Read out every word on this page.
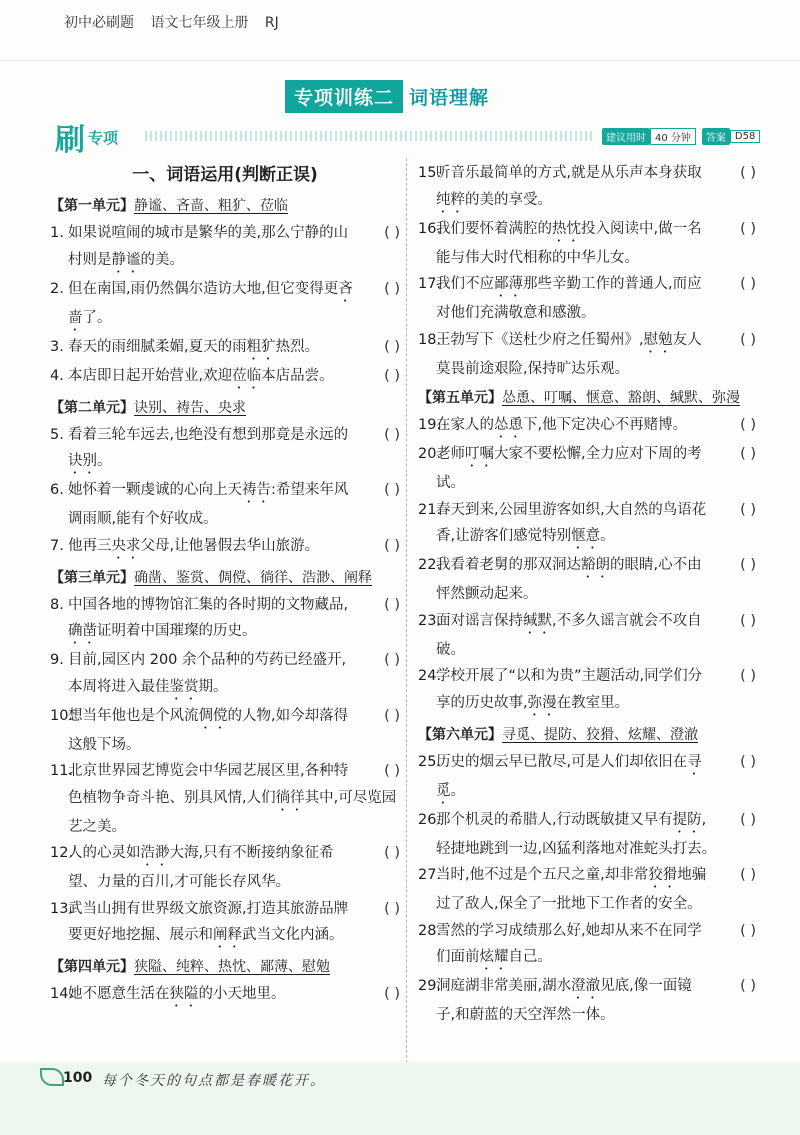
初中必刷题 语文七年级上册 RJ
专项训练二 词语理解
刷 专项	建议用时 40 分钟	答案 D58
一、词语运用(判断正误)
【第一单元】静谧、吝啬、粗犷、莅临
1.	( )
如果说喧闹的城市是繁华的美,那么宁静的山村则是静谧的美。
2.	( )
但在南国,雨仍然偶尔造访大地,但它变得更吝啬了。
3.	( )
春天的雨细腻柔媚,夏天的雨粗犷热烈。
4.	( )
本店即日起开始营业,欢迎莅临本店品尝。
【第二单元】诀别、祷告、央求
5.	( )
看着三轮车远去,也绝没有想到那竟是永远的诀别。
6.	( )
她怀着一颗虔诚的心向上天祷告:希望来年风调雨顺,能有个好收成。
7.	( )
他再三央求父母,让他暑假去华山旅游。
【第三单元】确凿、鉴赏、倜傥、徜徉、浩渺、阐释
8.	( )
中国各地的博物馆汇集的各时期的文物藏品,确凿证明着中国璀璨的历史。
9.	( )
目前,园区内 200 余个品种的芍药已经盛开,本周将进入最佳鉴赏期。
10.	( )
想当年他也是个风流倜傥的人物,如今却落得这般下场。
11.	( )
北京世界园艺博览会中华园艺展区里,各种特色植物争奇斗艳、别具风情,人们徜徉其中,可尽览园艺之美。
12.	( )
人的心灵如浩渺大海,只有不断接纳象征希望、力量的百川,才可能长存风华。
13.	( )
武当山拥有世界级文旅资源,打造其旅游品牌要更好地挖掘、展示和阐释武当文化内涵。
【第四单元】狭隘、纯粹、热忱、鄙薄、慰勉
14.	( )
她不愿意生活在狭隘的小天地里。
15.	( )
听音乐最简单的方式,就是从乐声本身获取纯粹的美的享受。
16.	( )
我们要怀着满腔的热忱投入阅读中,做一名能与伟大时代相称的中华儿女。
17.	( )
我们不应鄙薄那些辛勤工作的普通人,而应对他们充满敬意和感激。
18.	( )
王勃写下《送杜少府之任蜀州》,慰勉友人莫畏前途艰险,保持旷达乐观。
【第五单元】怂恿、叮嘱、惬意、豁朗、缄默、弥漫
19.	( )
在家人的怂恿下,他下定决心不再赌博。
20.	( )
老师叮嘱大家不要松懈,全力应对下周的考试。
21.	( )
春天到来,公园里游客如织,大自然的鸟语花香,让游客们感觉特别惬意。
22.	( )
我看着老舅的那双洞达豁朗的眼睛,心不由怦然颤动起来。
23.	( )
面对谣言保持缄默,不多久谣言就会不攻自破。
24.	( )
学校开展了“以和为贵”主题活动,同学们分享的历史故事,弥漫在教室里。
【第六单元】寻觅、提防、狡猾、炫耀、澄澈
25.	( )
历史的烟云早已散尽,可是人们却依旧在寻觅。
26.	( )
那个机灵的希腊人,行动既敏捷又早有提防,轻捷地跳到一边,凶猛利落地对准蛇头打去。
27.	( )
当时,他不过是个五尺之童,却非常狡猾地骗过了敌人,保全了一批地下工作者的安全。
28.	( )
雪然的学习成绩那么好,她却从来不在同学们面前炫耀自己。
29.	( )
洞庭湖非常美丽,湖水澄澈见底,像一面镜子,和蔚蓝的天空浑然一体。
100 每个冬天的句点都是春暖花开。
